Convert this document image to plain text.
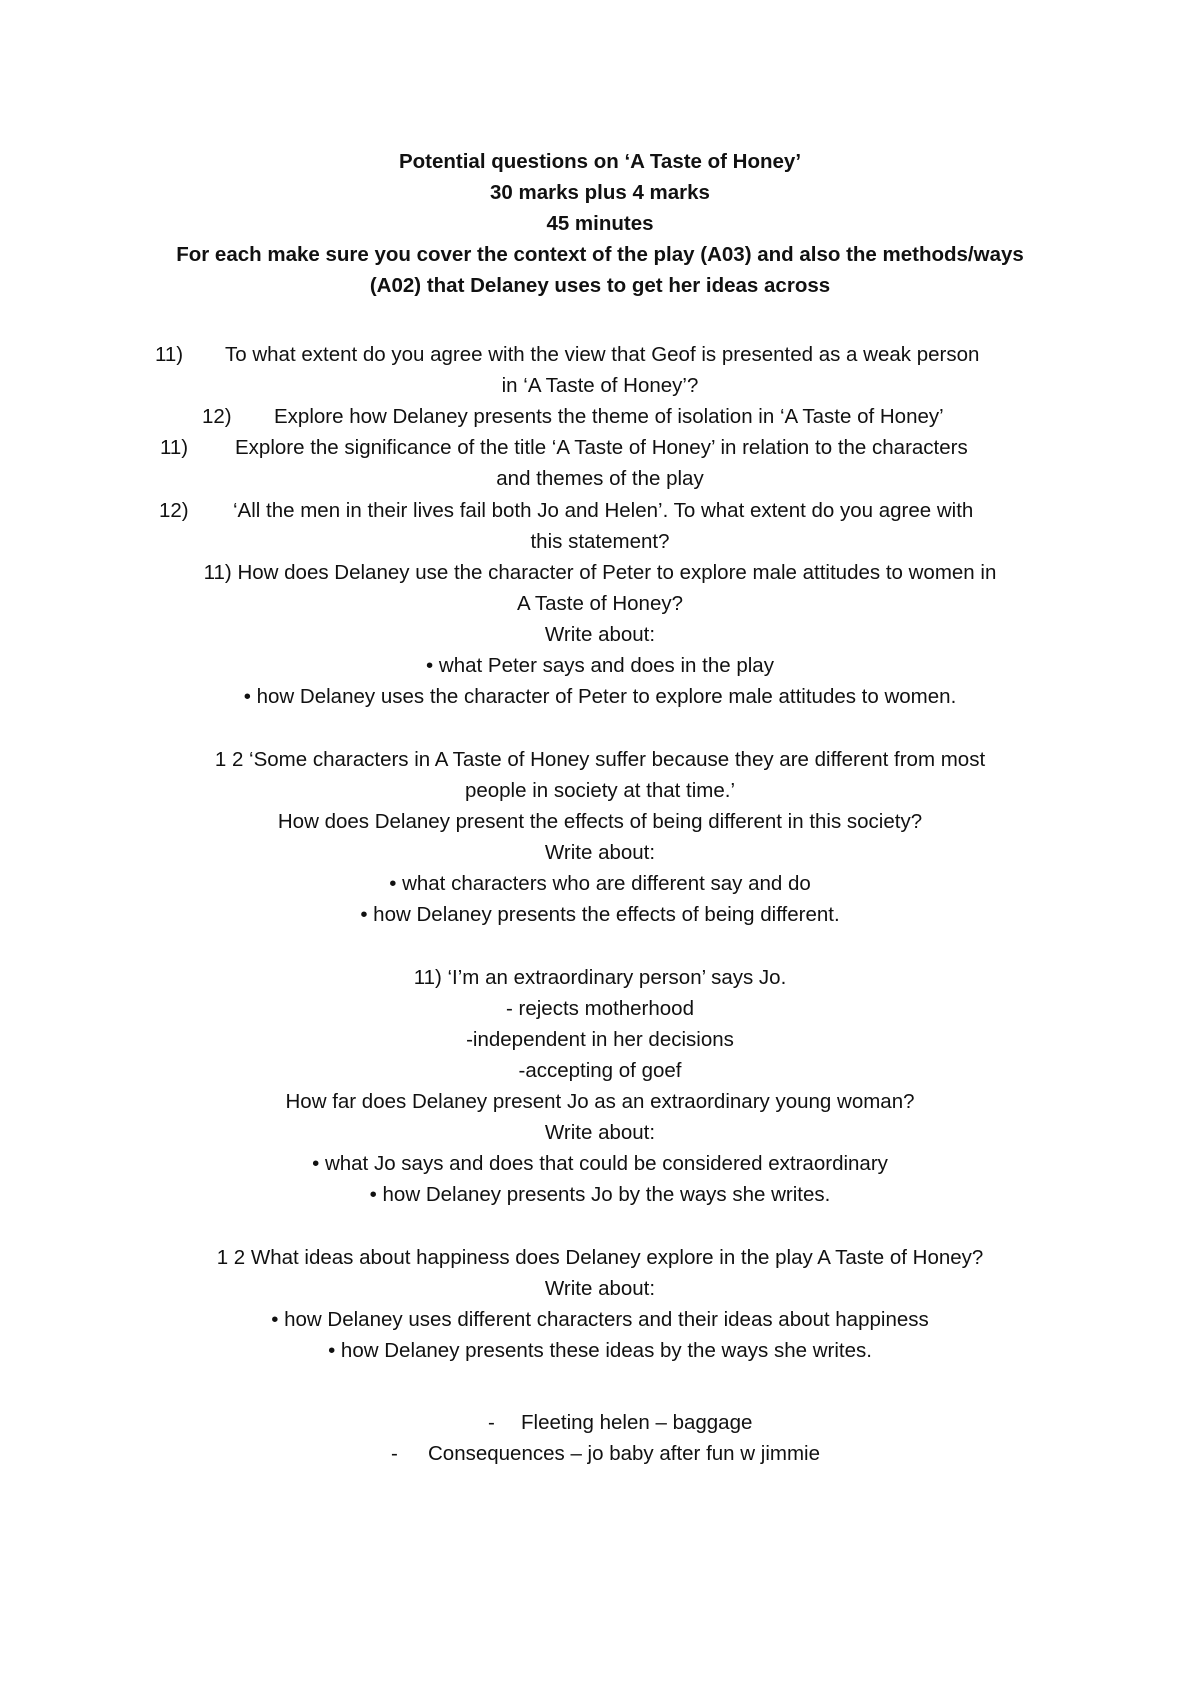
Potential questions on ‘A Taste of Honey’
30 marks plus 4 marks
45 minutes
For each make sure you cover the context of the play (A03) and also the methods/ways
(A02) that Delaney uses to get her ideas across
11) To what extent do you agree with the view that Geof is presented as a weak person
in ‘A Taste of Honey’?
12) Explore how Delaney presents the theme of isolation in ‘A Taste of Honey’
11) Explore the significance of the title ‘A Taste of Honey’ in relation to the characters
and themes of the play
12) ‘All the men in their lives fail both Jo and Helen’. To what extent do you agree with
this statement?
11) How does Delaney use the character of Peter to explore male attitudes to women in
A Taste of Honey?
Write about:
• what Peter says and does in the play
• how Delaney uses the character of Peter to explore male attitudes to women.
1 2 ‘Some characters in A Taste of Honey suffer because they are different from most
people in society at that time.’
How does Delaney present the effects of being different in this society?
Write about:
• what characters who are different say and do
• how Delaney presents the effects of being different.
11) ‘I’m an extraordinary person’ says Jo.
- rejects motherhood
-independent in her decisions
-accepting of goef
How far does Delaney present Jo as an extraordinary young woman?
Write about:
• what Jo says and does that could be considered extraordinary
• how Delaney presents Jo by the ways she writes.
1 2 What ideas about happiness does Delaney explore in the play A Taste of Honey?
Write about:
• how Delaney uses different characters and their ideas about happiness
• how Delaney presents these ideas by the ways she writes.
- Fleeting helen – baggage
- Consequences – jo baby after fun w jimmie
